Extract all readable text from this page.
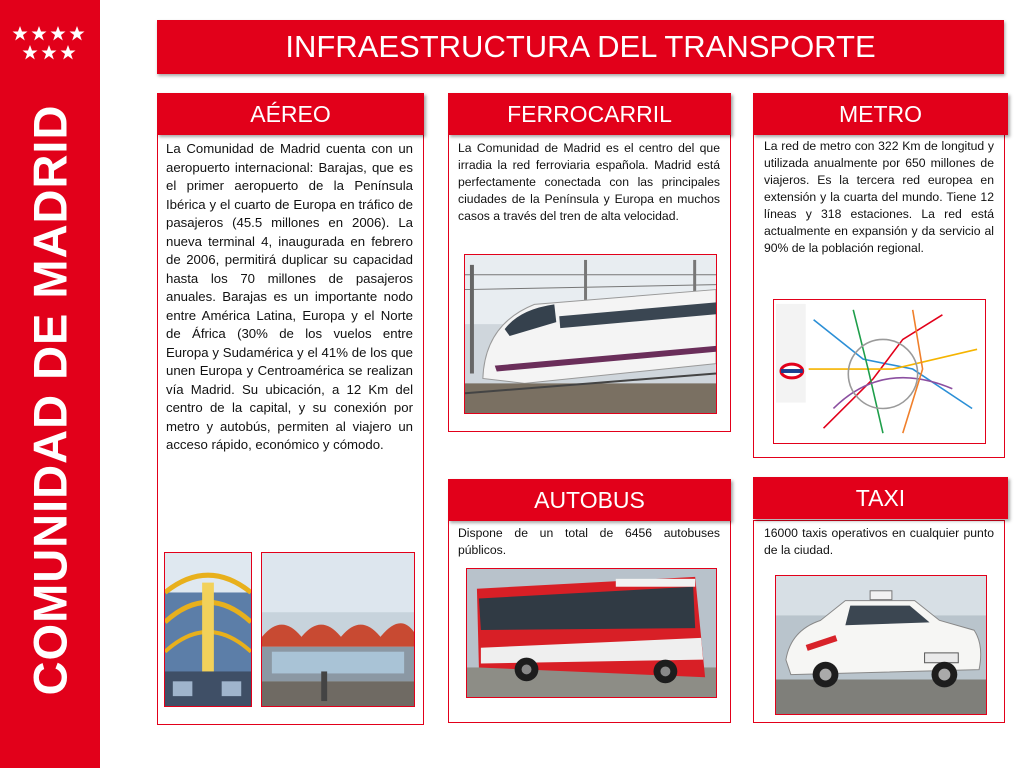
COMUNIDAD DE MADRID
INFRAESTRUCTURA DEL TRANSPORTE
AÉREO
La Comunidad de Madrid cuenta con un aeropuerto internacional: Barajas, que es el primer aeropuerto de la Península Ibérica y el cuarto de Europa en tráfico de pasajeros (45.5 millones en 2006). La nueva terminal 4, inaugurada en febrero de 2006, permitirá duplicar su capacidad hasta los 70 millones de pasajeros anuales. Barajas es un importante nodo entre América Latina, Europa y el Norte de África (30% de los vuelos entre Europa y Sudamérica y el 41% de los que unen Europa y Centroamérica se realizan vía Madrid. Su ubicación, a 12 Km del centro de la capital, y su conexión por metro y autobús, permiten al viajero un acceso rápido, económico y cómodo.
FERROCARRIL
La Comunidad de Madrid es el centro del que irradia la red ferroviaria española. Madrid está perfectamente conectada con las principales ciudades de la Península y Europa en muchos casos a través del tren de alta velocidad.
METRO
La red de metro con 322 Km de longitud y utilizada anualmente por 650 millones de viajeros. Es la tercera red europea en extensión y la cuarta del mundo. Tiene 12 líneas y 318 estaciones. La red está actualmente en expansión y da servicio al 90% de la población regional.
AUTOBUS
Dispone de un total de 6456 autobuses públicos.
TAXI
16000 taxis operativos en cualquier punto de la ciudad.
